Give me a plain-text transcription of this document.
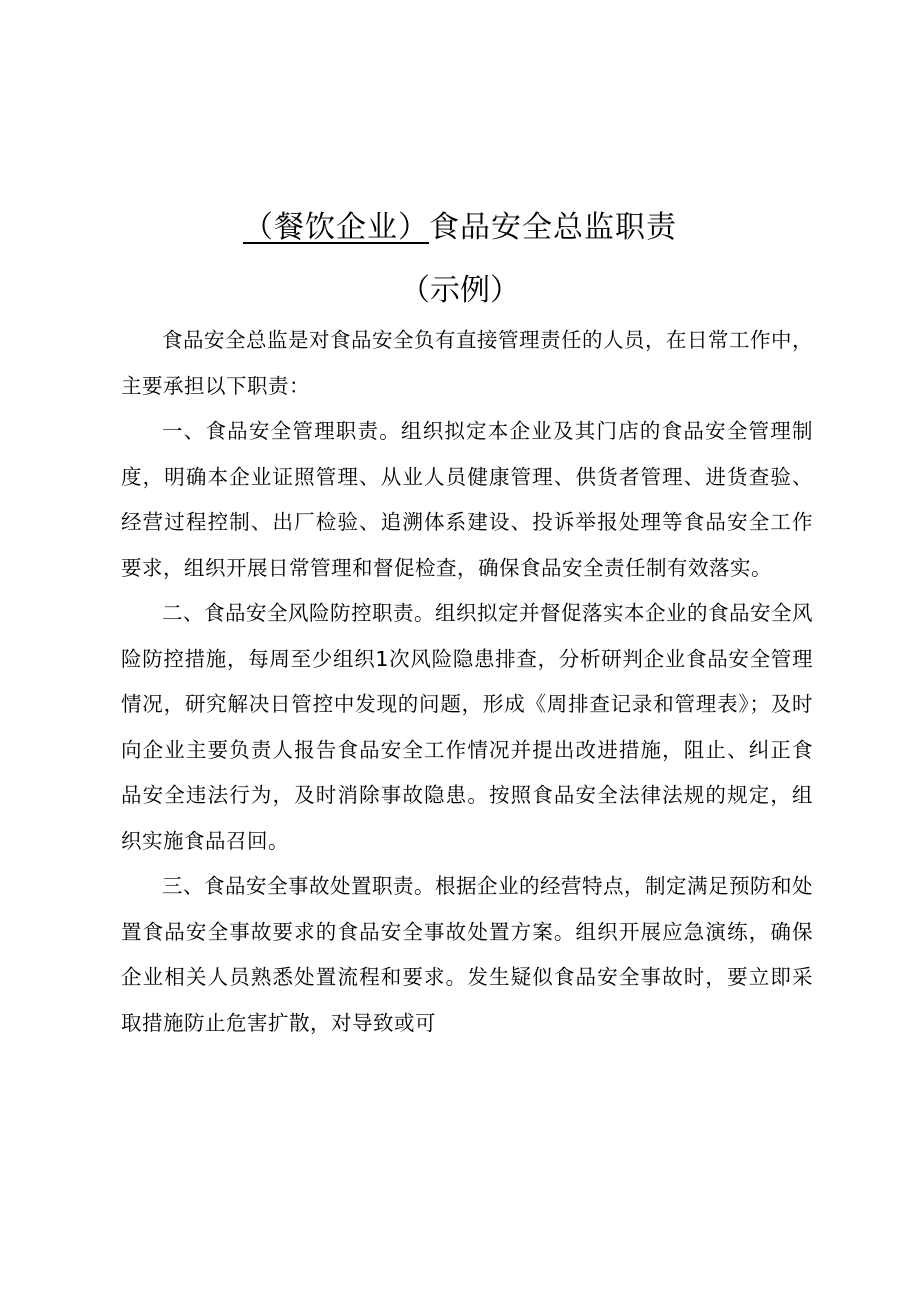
（餐饮企业）食品安全总监职责
（示例）

食品安全总监是对食品安全负有直接管理责任的人员，在日常工作中，主要承担以下职责：

一、食品安全管理职责。组织拟定本企业及其门店的食品安全管理制度，明确本企业证照管理、从业人员健康管理、供货者管理、进货查验、经营过程控制、出厂检验、追溯体系建设、投诉举报处理等食品安全工作要求，组织开展日常管理和督促检查，确保食品安全责任制有效落实。

二、食品安全风险防控职责。组织拟定并督促落实本企业的食品安全风险防控措施，每周至少组织1次风险隐患排查，分析研判企业食品安全管理情况，研究解决日管控中发现的问题，形成《周排查记录和管理表》；及时向企业主要负责人报告食品安全工作情况并提出改进措施，阻止、纠正食品安全违法行为，及时消除事故隐患。按照食品安全法律法规的规定，组织实施食品召回。

三、食品安全事故处置职责。根据企业的经营特点，制定满足预防和处置食品安全事故要求的食品安全事故处置方案。组织开展应急演练，确保企业相关人员熟悉处置流程和要求。发生疑似食品安全事故时，要立即采取措施防止危害扩散，对导致或可
